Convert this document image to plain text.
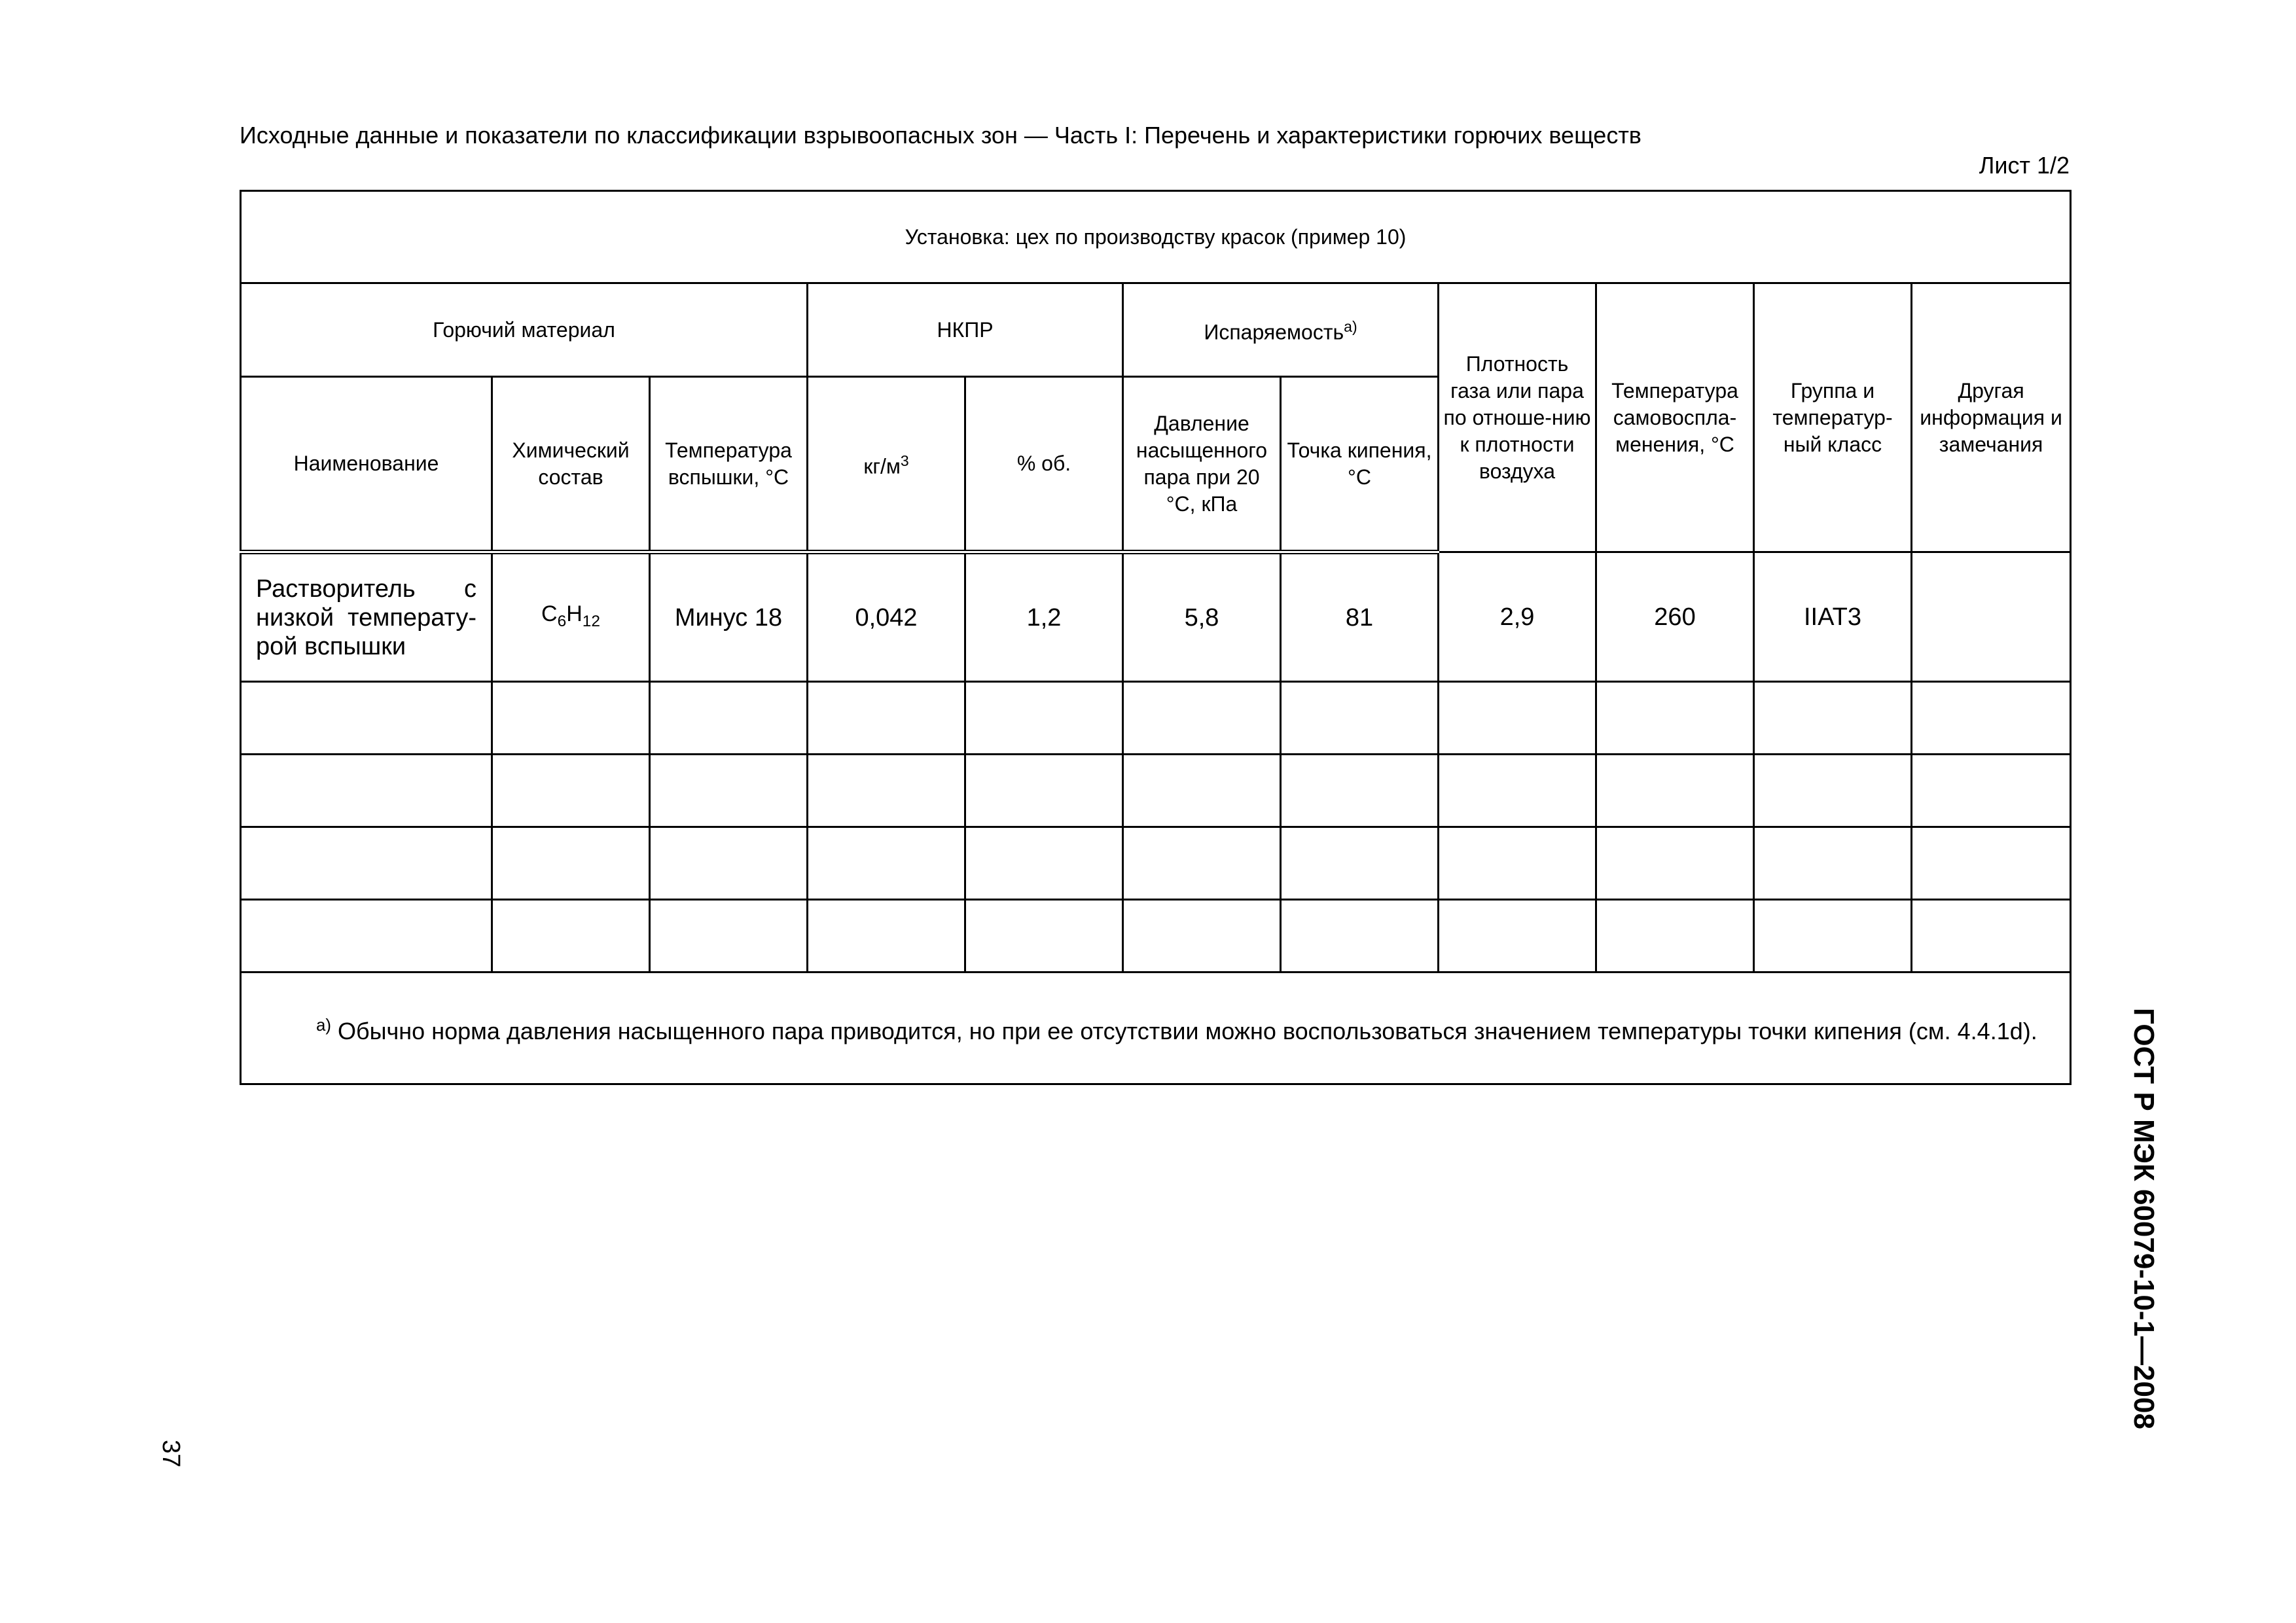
Исходные данные и показатели по классификации взрывоопасных зон — Часть I: Перечень и характеристики горючих веществ
Лист 1/2
Установка: цех по производству красок (пример 10)										
Горючий материал			НКПР		Испаряемость$^{a)}$		Плотность газа или пара по отноше-нию к плотности воздуха	Температура самовоспла-менения, °С	Группа и температур-ный класс	Другая информация и замечания
Наименование	Химический состав	Температура вспышки, °С	$кг/м^3$	% об.	Давление насыщенного пара при 20 °С, кПа	Точка кипения, °С				
Растворитель с низкой температу-рой вспышки	$C_6H_{12}$	Минус 18	0,042	1,2	5,8	81	2,9	260	IIAT3	

$^{a)}$ Обычно норма давления насыщенного пара приводится, но при ее отсутствии можно воспользоваться значением температуры точки кипения (см. 4.4.1d).											ГОСТ Р МЭК 60079-10-1—2008
37
